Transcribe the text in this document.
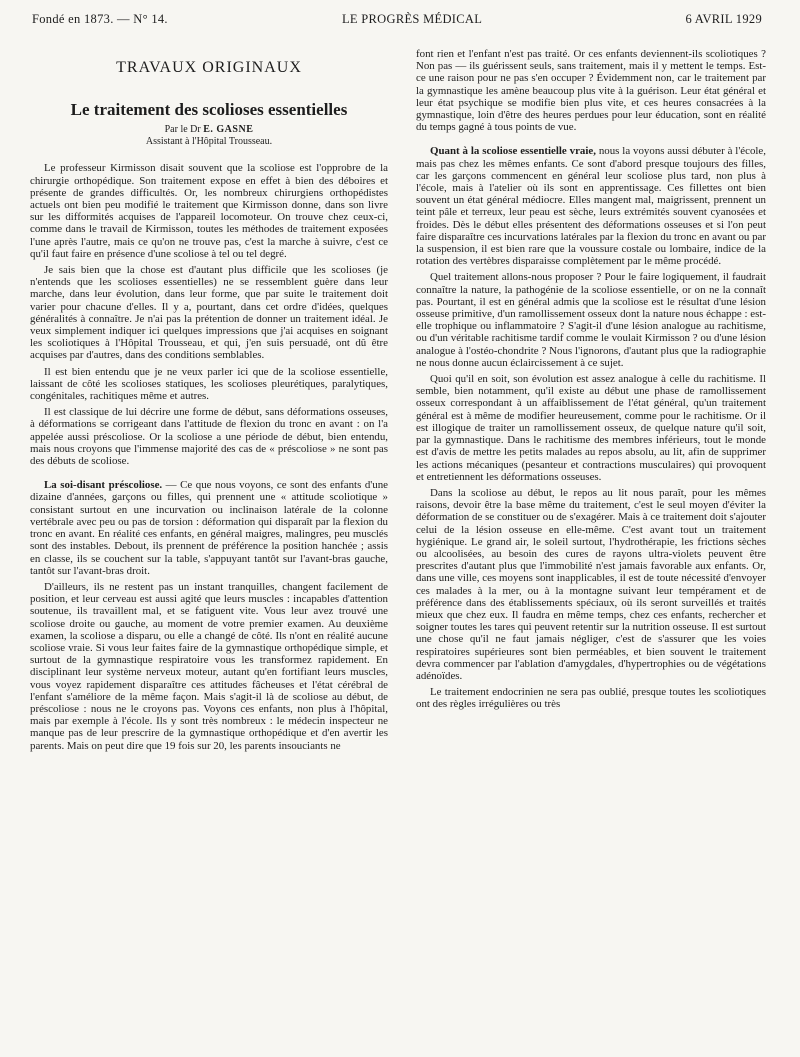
Fondé en 1873. — N° 14.	LE PROGRÈS MÉDICAL	6 AVRIL 1929
TRAVAUX ORIGINAUX
Le traitement des scolioses essentielles
Par le Dr E. GASNE
Assistant à l'Hôpital Trousseau.

Le professeur Kirmisson disait souvent que la scoliose est l'opprobre de la chirurgie orthopédique. Son traitement expose en effet à bien des déboires et présente de grandes difficultés. Or, les nombreux chirurgiens orthopédistes actuels ont bien peu modifié le traitement que Kirmisson donne, dans son livre sur les difformités acquises de l'appareil locomoteur. On trouve chez ceux-ci, comme dans le travail de Kirmisson, toutes les méthodes de traitement exposées l'une après l'autre, mais ce qu'on ne trouve pas, c'est la marche à suivre, c'est ce qu'il faut faire en présence d'une scoliose à tel ou tel degré.

Je sais bien que la chose est d'autant plus difficile que les scolioses (je n'entends que les scolioses essentielles) ne se ressemblent guère dans leur marche, dans leur évolution, dans leur forme, que par suite le traitement doit varier pour chacune d'elles. Il y a, pourtant, dans cet ordre d'idées, quelques généralités à connaître. Je n'ai pas la prétention de donner un traitement idéal. Je veux simplement indiquer ici quelques impressions que j'ai acquises en soignant les scoliotiques à l'Hôpital Trousseau, et qui, j'en suis persuadé, ont dû être acquises par d'autres, dans des conditions semblables.

Il est bien entendu que je ne veux parler ici que de la scoliose essentielle, laissant de côté les scolioses statiques, les scolioses pleurétiques, paralytiques, congénitales, rachitiques même et autres.

Il est classique de lui décrire une forme de début, sans déformations osseuses, à déformations se corrigeant dans l'attitude de flexion du tronc en avant : on l'a appelée aussi préscoliose. Or la scoliose a une période de début, bien entendu, mais nous croyons que l'immense majorité des cas de « préscoliose » ne sont pas des débuts de scoliose.

La soi-disant préscoliose. — Ce que nous voyons, ce sont des enfants d'une dizaine d'années, garçons ou filles, qui prennent une « attitude scoliotique » consistant surtout en une incurvation ou inclinaison latérale de la colonne vertébrale avec peu ou pas de torsion : déformation qui disparaît par la flexion du tronc en avant. En réalité ces enfants, en général maigres, malingres, peu musclés sont des instables. Debout, ils prennent de préférence la position hanchée ; assis en classe, ils se couchent sur la table, s'appuyant tantôt sur l'avant-bras gauche, tantôt sur l'avant-bras droit.

D'ailleurs, ils ne restent pas un instant tranquilles, changent facilement de position, et leur cerveau est aussi agité que leurs muscles : incapables d'attention soutenue, ils travaillent mal, et se fatiguent vite. Vous leur avez trouvé une scoliose droite ou gauche, au moment de votre premier examen. Au deuxième examen, la scoliose a disparu, ou elle a changé de côté. Ils n'ont en réalité aucune scoliose vraie. Si vous leur faites faire de la gymnastique orthopédique simple, et surtout de la gymnastique respiratoire vous les transformez rapidement. En disciplinant leur système nerveux moteur, autant qu'en fortifiant leurs muscles, vous voyez rapidement disparaître ces attitudes fâcheuses et l'état cérébral de l'enfant s'améliore de la même façon. Mais s'agit-il là de scoliose au début, de préscoliose : nous ne le croyons pas. Voyons ces enfants, non plus à l'hôpital, mais par exemple à l'école. Ils y sont très nombreux : le médecin inspecteur ne manque pas de leur prescrire de la gymnastique orthopédique et d'en avertir les parents. Mais on peut dire que 19 fois sur 20, les parents insouciants ne

font rien et l'enfant n'est pas traité. Or ces enfants deviennent-ils scoliotiques ? Non pas — ils guérissent seuls, sans traitement, mais il y mettent le temps. Est-ce une raison pour ne pas s'en occuper ? Évidemment non, car le traitement par la gymnastique les amène beaucoup plus vite à la guérison. Leur état général et leur état psychique se modifie bien plus vite, et ces heures consacrées à la gymnastique, loin d'être des heures perdues pour leur éducation, sont en réalité du temps gagné à tous points de vue.

Quant à la scoliose essentielle vraie, nous la voyons aussi débuter à l'école, mais pas chez les mêmes enfants. Ce sont d'abord presque toujours des filles, car les garçons commencent en général leur scoliose plus tard, non plus à l'école, mais à l'atelier où ils sont en apprentissage. Ces fillettes ont bien souvent un état général médiocre. Elles mangent mal, maigrissent, prennent un teint pâle et terreux, leur peau est sèche, leurs extrémités souvent cyanosées et froides. Dès le début elles présentent des déformations osseuses et si l'on peut faire disparaître ces incurvations latérales par la flexion du tronc en avant ou par la suspension, il est bien rare que la voussure costale ou lombaire, indice de la rotation des vertèbres disparaisse complètement par le même procédé.

Quel traitement allons-nous proposer ? Pour le faire logiquement, il faudrait connaître la nature, la pathogénie de la scoliose essentielle, or on ne la connaît pas. Pourtant, il est en général admis que la scoliose est le résultat d'une lésion osseuse primitive, d'un ramollissement osseux dont la nature nous échappe : est-elle trophique ou inflammatoire ? S'agit-il d'une lésion analogue au rachitisme, ou d'un véritable rachitisme tardif comme le voulait Kirmisson ? ou d'une lésion analogue à l'ostéo-chondrite ? Nous l'ignorons, d'autant plus que la radiographie ne nous donne aucun éclaircissement à ce sujet.

Quoi qu'il en soit, son évolution est assez analogue à celle du rachitisme. Il semble, bien notamment, qu'il existe au début une phase de ramollissement osseux correspondant à un affaiblissement de l'état général, qu'un traitement général est à même de modifier heureusement, comme pour le rachitisme. Or il est illogique de traiter un ramollissement osseux, de quelque nature qu'il soit, par la gymnastique. Dans le rachitisme des membres inférieurs, tout le monde est d'avis de mettre les petits malades au repos absolu, au lit, afin de supprimer les actions mécaniques (pesanteur et contractions musculaires) qui provoquent et entretiennent les déformations osseuses.

Dans la scoliose au début, le repos au lit nous paraît, pour les mêmes raisons, devoir être la base même du traitement, c'est le seul moyen d'éviter la déformation de se constituer ou de s'exagérer. Mais à ce traitement doit s'ajouter celui de la lésion osseuse en elle-même. C'est avant tout un traitement hygiénique. Le grand air, le soleil surtout, l'hydrothérapie, les frictions sèches ou alcoolisées, au besoin des cures de rayons ultra-violets peuvent être prescrites d'autant plus que l'immobilité n'est jamais favorable aux enfants. Or, dans une ville, ces moyens sont inapplicables, il est de toute nécessité d'envoyer ces malades à la mer, ou à la montagne suivant leur tempérament et de préférence dans des établissements spéciaux, où ils seront surveillés et traités mieux que chez eux. Il faudra en même temps, chez ces enfants, rechercher et soigner toutes les tares qui peuvent retentir sur la nutrition osseuse. Il est surtout une chose qu'il ne faut jamais négliger, c'est de s'assurer que les voies respiratoires supérieures sont bien perméables, et bien souvent le traitement devra commencer par l'ablation d'amygdales, d'hypertrophies ou de végétations adénoïdes.

Le traitement endocrinien ne sera pas oublié, presque toutes les scoliotiques ont des règles irrégulières ou très
